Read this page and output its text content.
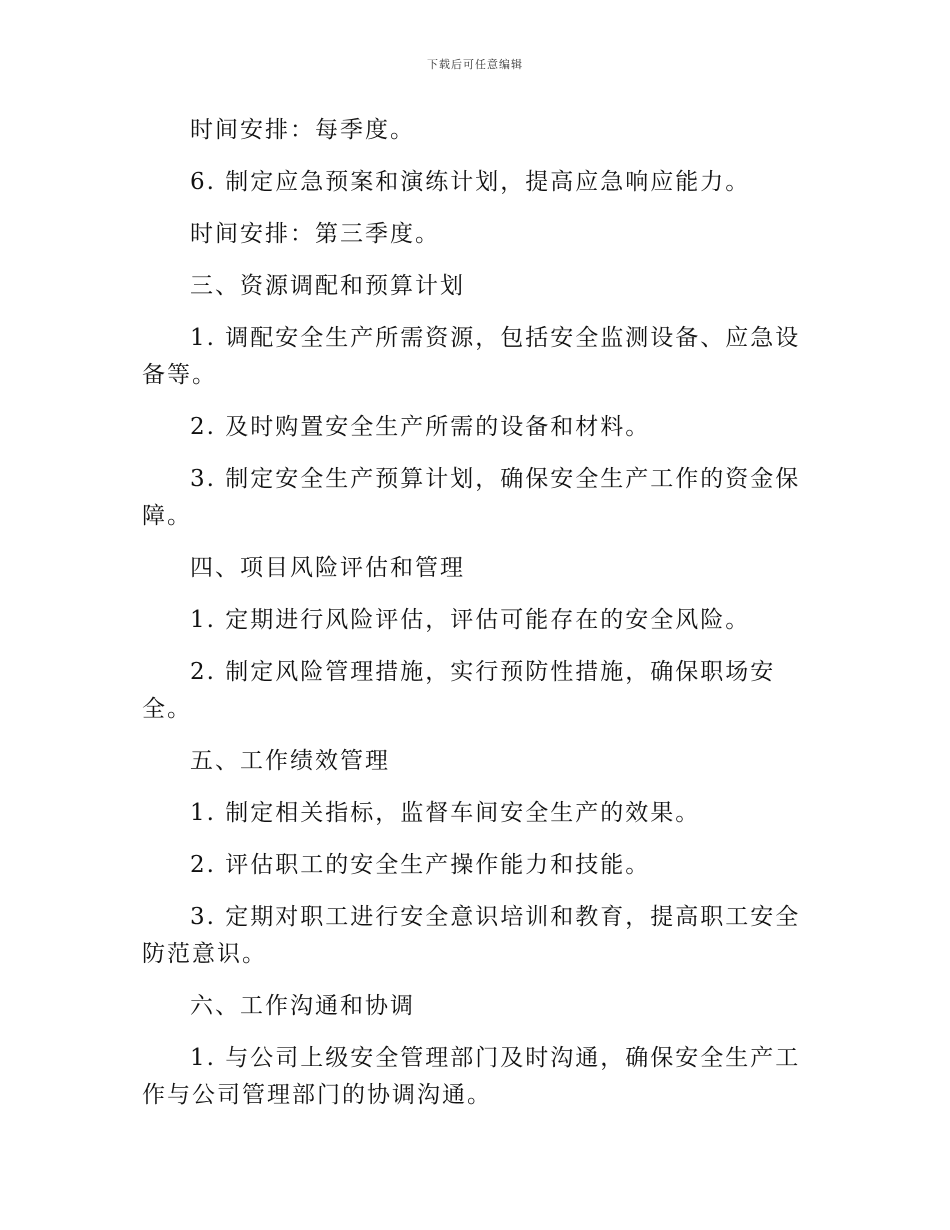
下载后可任意编辑

时间安排：每季度。

6. 制定应急预案和演练计划，提高应急响应能力。

时间安排：第三季度。

三、资源调配和预算计划

1. 调配安全生产所需资源，包括安全监测设备、应急设备等。

2. 及时购置安全生产所需的设备和材料。

3. 制定安全生产预算计划，确保安全生产工作的资金保障。

四、项目风险评估和管理

1. 定期进行风险评估，评估可能存在的安全风险。

2. 制定风险管理措施，实行预防性措施，确保职场安全。

五、工作绩效管理

1. 制定相关指标，监督车间安全生产的效果。

2. 评估职工的安全生产操作能力和技能。

3. 定期对职工进行安全意识培训和教育，提高职工安全防范意识。

六、工作沟通和协调

1. 与公司上级安全管理部门及时沟通，确保安全生产工作与公司管理部门的协调沟通。
